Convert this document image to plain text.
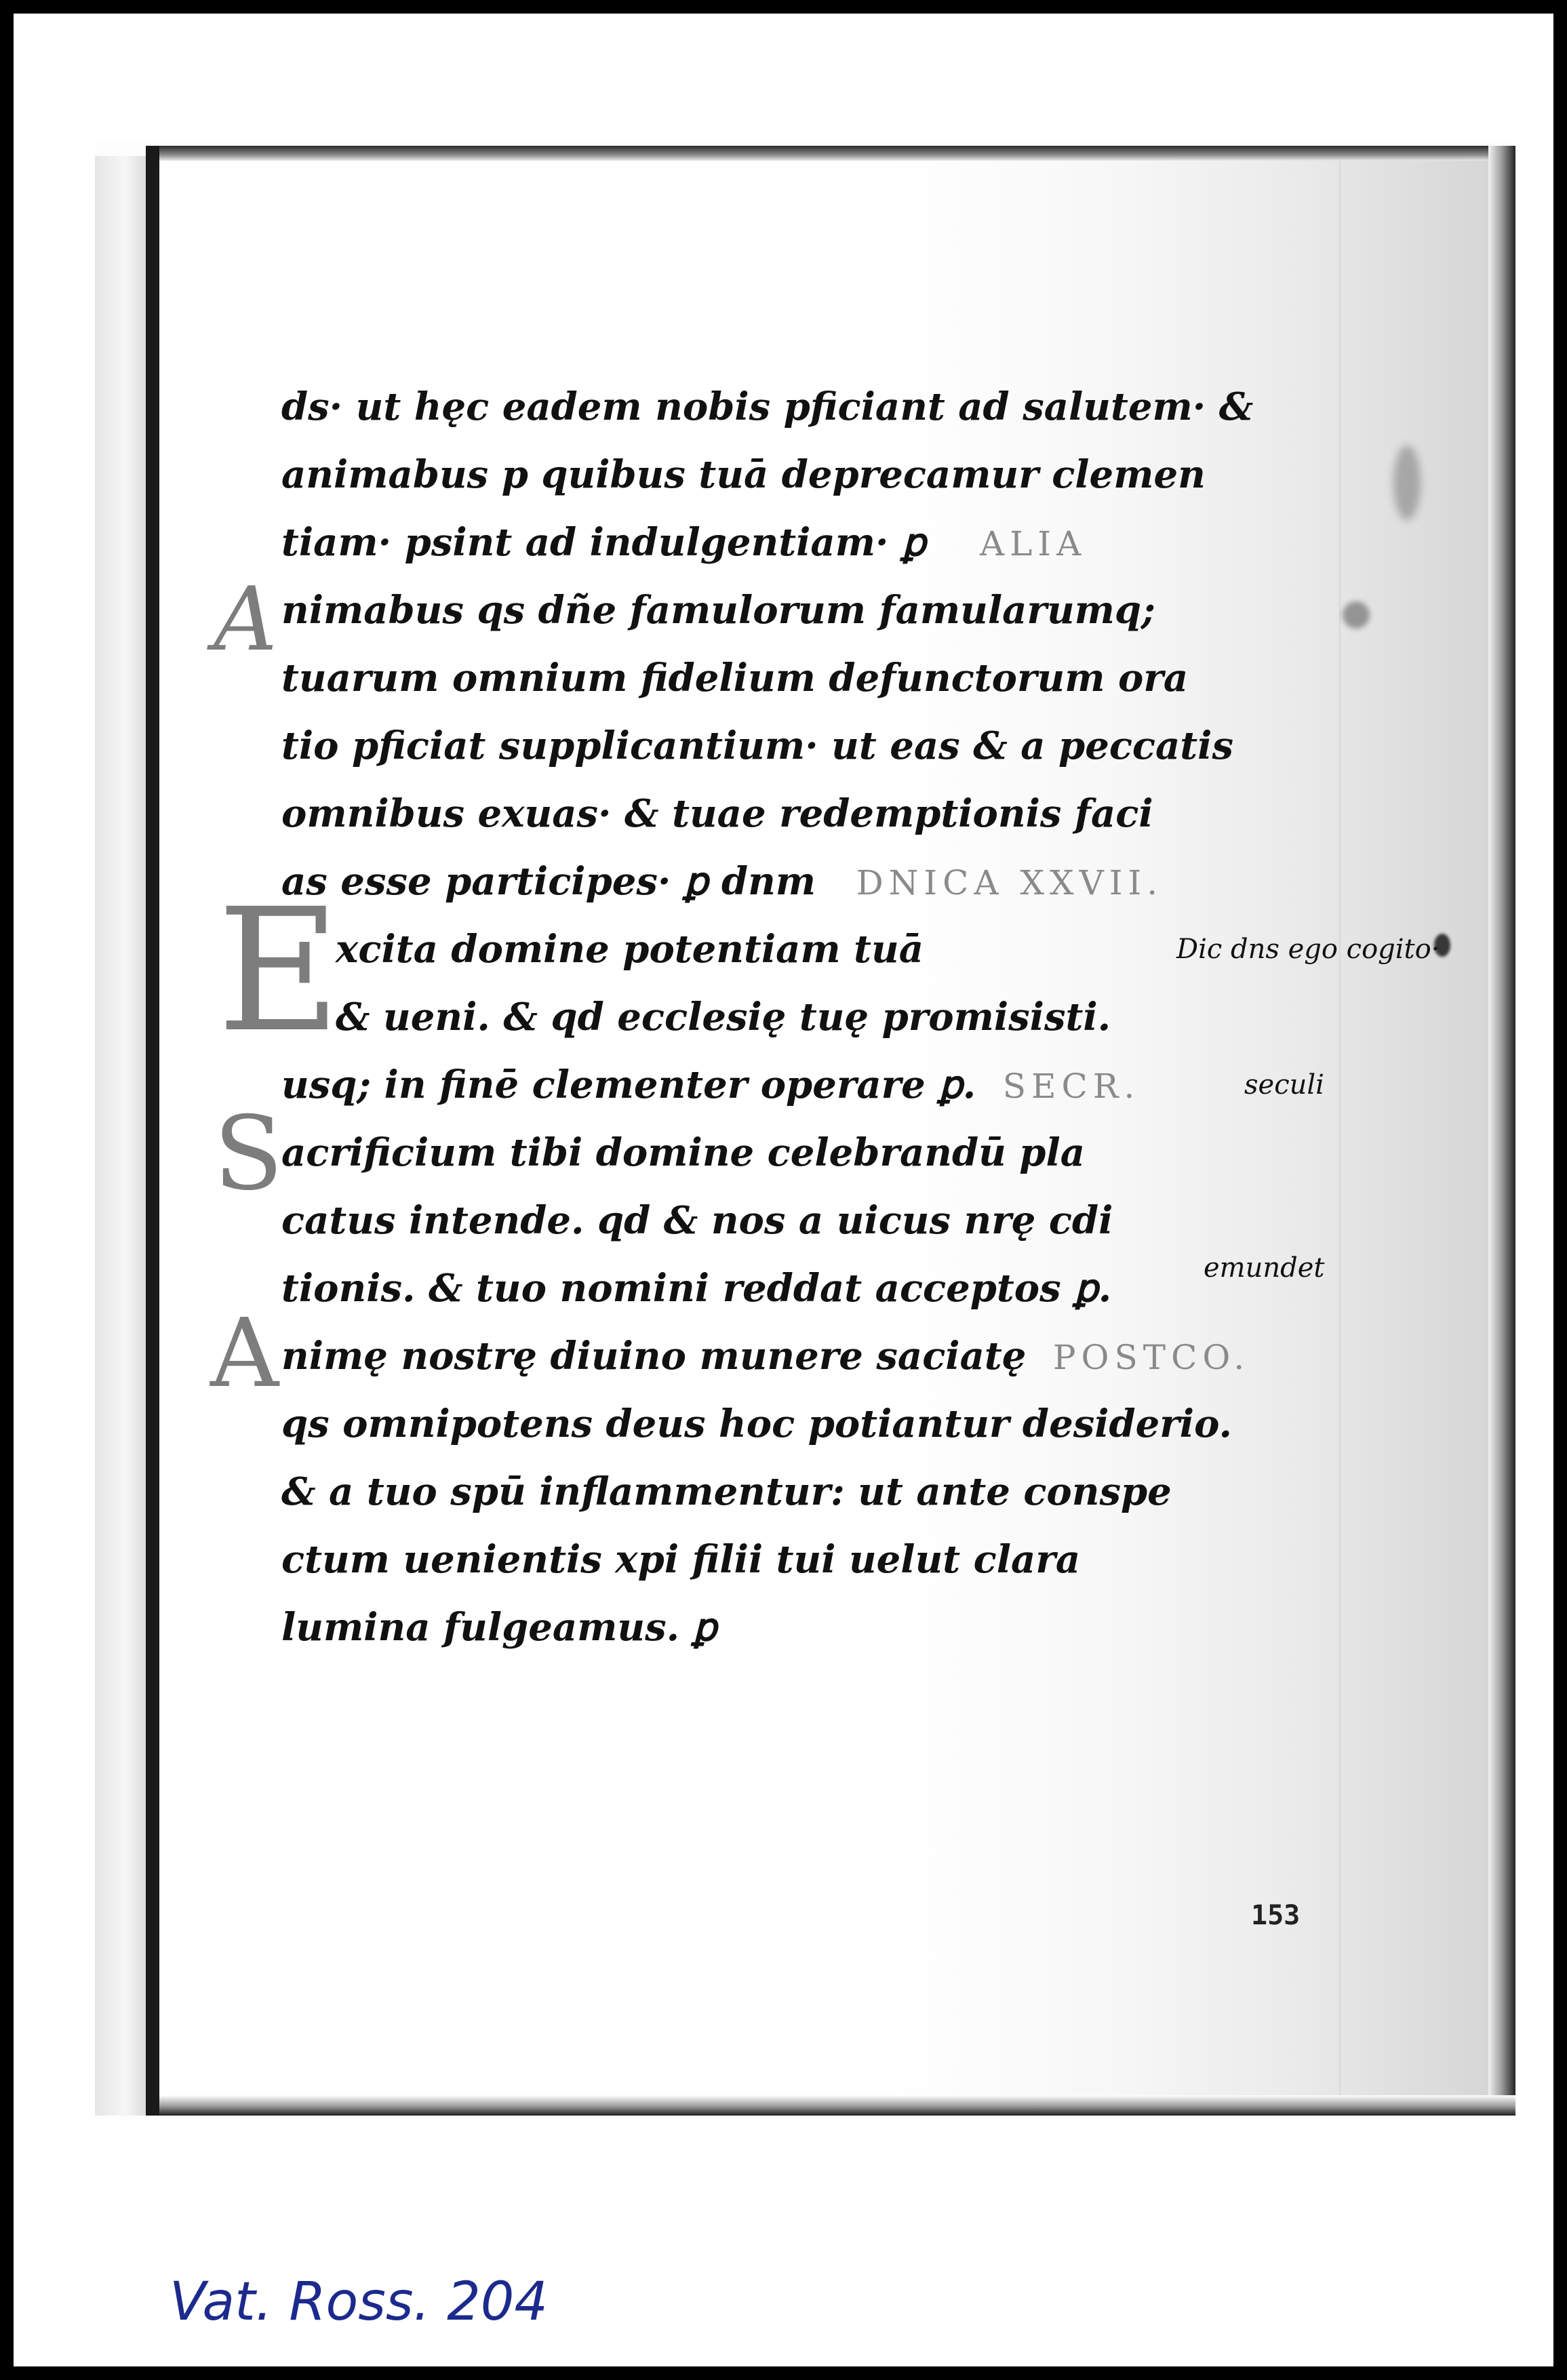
ds· ut hęc eadem nobis pficiant ad salutem· &
animabus p quibus tuā deprecamur clemen
tiam· psint ad indulgentiam· ꝑ ALIA
nimabus qs dñe famulorum famularumq;
tuarum omnium fidelium defunctorum ora
tio pficiat supplicantium· ut eas & a peccatis
omnibus exuas· & tuae redemptionis faci
as esse participes· ꝑ dnm DNICA XXVII.
xcita domine potentiam tuā
& ueni. & qd ecclesię tuę promisisti.
usq; in finē clementer operare ꝑ. SECR.
acrificium tibi domine celebrandū pla
catus intende. qd & nos a uicus nrę cdi
tionis. & tuo nomini reddat acceptos ꝑ.
nimę nostrę diuino munere saciatę POSTCO.
qs omnipotens deus hoc potiantur desiderio.
& a tuo spū inflammentur: ut ante conspe
ctum uenientis xpi filii tui uelut clara
lumina fulgeamus. ꝑ
A
E
S
A
Dic dns ego cogito·
seculi
emundet
153
Vat. Ross. 204
